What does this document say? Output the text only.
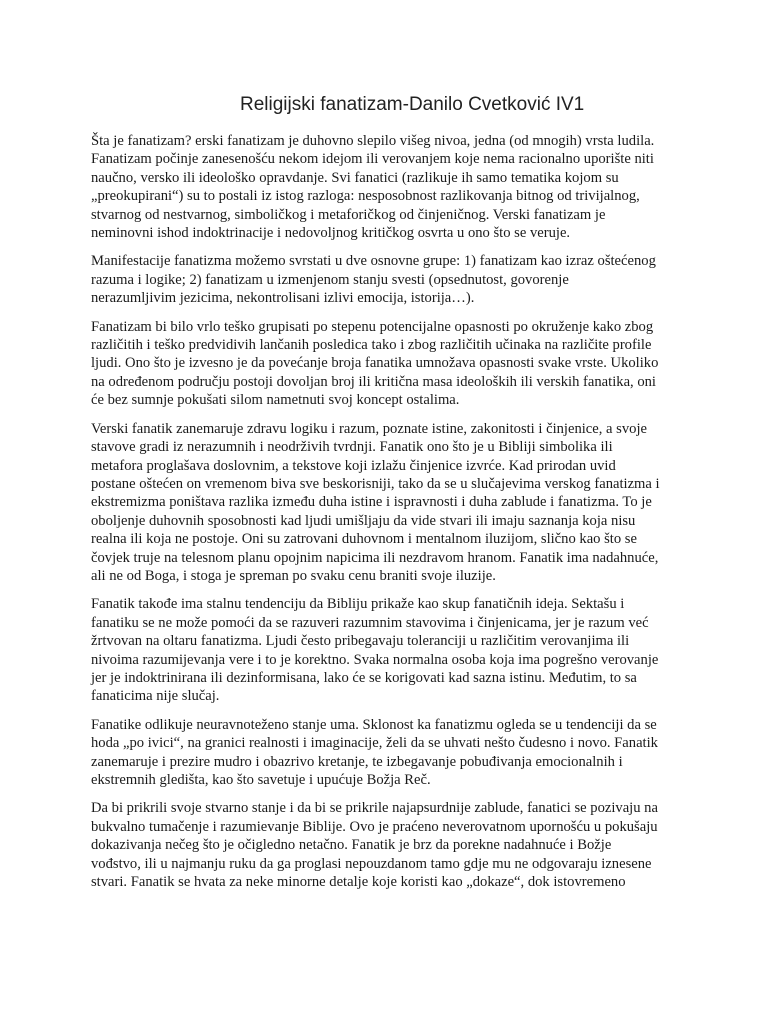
Religijski fanatizam-Danilo Cvetković IV1
Šta je fanatizam? erski fanatizam je duhovno slepilo višeg nivoa, jedna (od mnogih) vrsta ludila.
Fanatizam počinje zanesenošću nekom idejom ili verovanjem koje nema racionalno uporište niti
naučno, versko ili ideološko opravdanje. Svi fanatici (razlikuje ih samo tematika kojom su
„preokupirani“) su to postali iz istog razloga: nesposobnost razlikovanja bitnog od trivijalnog,
stvarnog od nestvarnog, simboličkog i metaforičkog od činjeničnog. Verski fanatizam je
neminovni ishod indoktrinacije i nedovoljnog kritičkog osvrta u ono što se veruje.
Manifestacije fanatizma možemo svrstati u dve osnovne grupe: 1) fanatizam kao izraz oštećenog
razuma i logike; 2) fanatizam u izmenjenom stanju svesti (opsednutost, govorenje
nerazumljivim jezicima, nekontrolisani izlivi emocija, istorija…).
Fanatizam bi bilo vrlo teško grupisati po stepenu potencijalne opasnosti po okruženje kako zbog
različitih i teško predvidivih lančanih posledica tako i zbog različitih učinaka na različite profile
ljudi. Ono što je izvesno je da povećanje broja fanatika umnožava opasnosti svake vrste. Ukoliko
na određenom području postoji dovoljan broj ili kritična masa ideoloških ili verskih fanatika, oni
će bez sumnje pokušati silom nametnuti svoj koncept ostalima.
Verski fanatik zanemaruje zdravu logiku i razum, poznate istine, zakonitosti i činjenice, a svoje
stavove gradi iz nerazumnih i neodrživih tvrdnji. Fanatik ono što je u Bibliji simbolika ili
metafora proglašava doslovnim, a tekstove koji izlažu činjenice izvrće. Kad prirodan uvid
postane oštećen on vremenom biva sve beskorisniji, tako da se u slučajevima verskog fanatizma i
ekstremizma poništava razlika između duha istine i ispravnosti i duha zablude i fanatizma. To je
oboljenje duhovnih sposobnosti kad ljudi umišljaju da vide stvari ili imaju saznanja koja nisu
realna ili koja ne postoje. Oni su zatrovani duhovnom i mentalnom iluzijom, slično kao što se
čovjek truje na telesnom planu opojnim napicima ili nezdravom hranom. Fanatik ima nadahnuće,
ali ne od Boga, i stoga je spreman po svaku cenu braniti svoje iluzije.
Fanatik takođe ima stalnu tendenciju da Bibliju prikaže kao skup fanatičnih ideja. Sektašu i
fanatiku se ne može pomoći da se razuveri razumnim stavovima i činjenicama, jer je razum već
žrtvovan na oltaru fanatizma. Ljudi često pribegavaju toleranciji u različitim verovanjima ili
nivoima razumijevanja vere i to je korektno. Svaka normalna osoba koja ima pogrešno verovanje
jer je indoktrinirana ili dezinformisana, lako će se korigovati kad sazna istinu. Međutim, to sa
fanaticima nije slučaj.
Fanatike odlikuje neuravnoteženo stanje uma. Sklonost ka fanatizmu ogleda se u tendenciji da se
hoda „po ivici“, na granici realnosti i imaginacije, želi da se uhvati nešto čudesno i novo. Fanatik
zanemaruje i prezire mudro i obazrivo kretanje, te izbegavanje pobuđivanja emocionalnih i
ekstremnih gledišta, kao što savetuje i upućuje Božja Reč.
Da bi prikrili svoje stvarno stanje i da bi se prikrile najapsurdnije zablude, fanatici se pozivaju na
bukvalno tumačenje i razumievanje Biblije. Ovo je praćeno neverovatnom upornošću u pokušaju
dokazivanja nečeg što je očigledno netačno. Fanatik je brz da porekne nadahnuće i Božje
vođstvo, ili u najmanju ruku da ga proglasi nepouzdanom tamo gdje mu ne odgovaraju iznesene
stvari. Fanatik se hvata za neke minorne detalje koje koristi kao „dokaze“, dok istovremeno
